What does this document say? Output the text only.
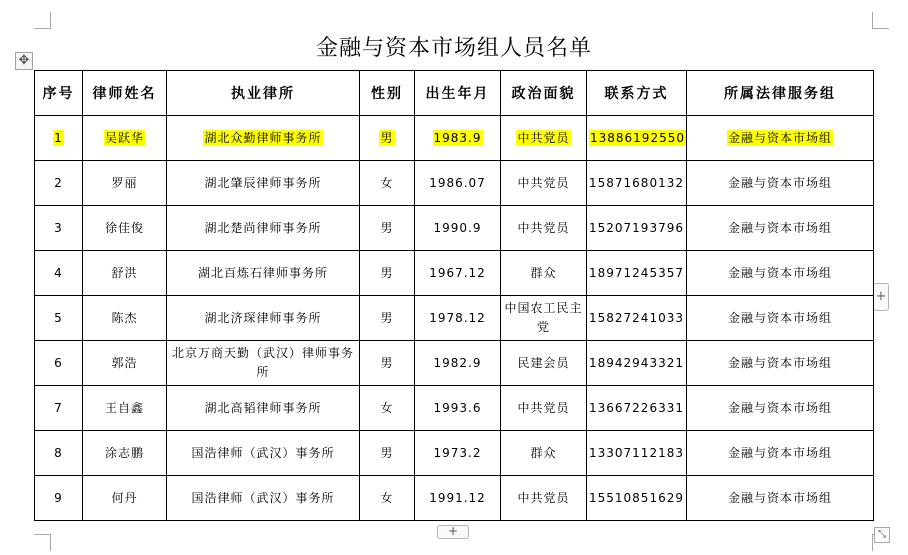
✥
+
+	⤡
金融与资本市场组人员名单
序号	律师姓名	执业律所	性别	出生年月	政治面貌	联系方式	所属法律服务组
1	吴跃华	湖北众勤律师事务所	男	1983.9	中共党员	13886192550	金融与资本市场组
2	罗丽	湖北肇辰律师事务所	女	1986.07	中共党员	15871680132	金融与资本市场组
3	徐佳俊	湖北楚尚律师事务所	男	1990.9	中共党员	15207193796	金融与资本市场组
4	舒洪	湖北百炼石律师事务所	男	1967.12	群众	18971245357	金融与资本市场组
5	陈杰	湖北济琛律师事务所	男	1978.12	中国农工民主党	15827241033	金融与资本市场组
6	郭浩	北京万商天勤（武汉）律师事务所	男	1982.9	民建会员	18942943321	金融与资本市场组
7	王自鑫	湖北高韬律师事务所	女	1993.6	中共党员	13667226331	金融与资本市场组
8	涂志鹏	国浩律师（武汉）事务所	男	1973.2	群众	13307112183	金融与资本市场组
9	何丹	国浩律师（武汉）事务所	女	1991.12	中共党员	15510851629	金融与资本市场组
